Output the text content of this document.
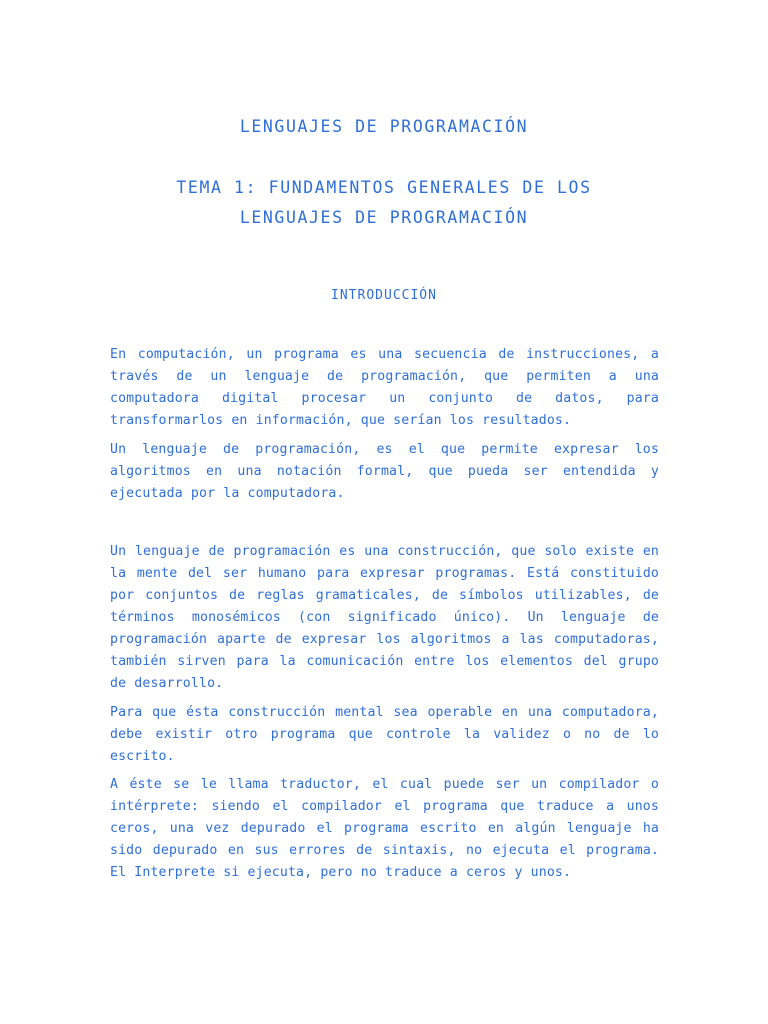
LENGUAJES DE PROGRAMACIÓN
TEMA 1: FUNDAMENTOS GENERALES DE LOS
LENGUAJES DE PROGRAMACIÓN
INTRODUCCIÓN

En computación, un programa es una secuencia de instrucciones, a través de un lenguaje de programación, que permiten a una computadora digital procesar un conjunto de datos, para transformarlos en información, que serían los resultados.

Un lenguaje de programación, es el que permite expresar los algoritmos en una notación formal, que pueda ser entendida y ejecutada por la computadora.

Un lenguaje de programación es una construcción, que solo existe en la mente del ser humano para expresar programas. Está constituido por conjuntos de reglas gramaticales, de símbolos utilizables, de términos monosémicos (con significado único). Un lenguaje de programación aparte de expresar los algoritmos a las computadoras, también sirven para la comunicación entre los elementos del grupo de desarrollo.

Para que ésta construcción mental sea operable en una computadora, debe existir otro programa que controle la validez o no de lo escrito.

A éste se le llama traductor, el cual puede ser un compilador o intérprete: siendo el compilador el programa que traduce a unos ceros, una vez depurado el programa escrito en algún lenguaje ha sido depurado en sus errores de sintaxis, no ejecuta el programa. El Interprete si ejecuta, pero no traduce a ceros y unos.
